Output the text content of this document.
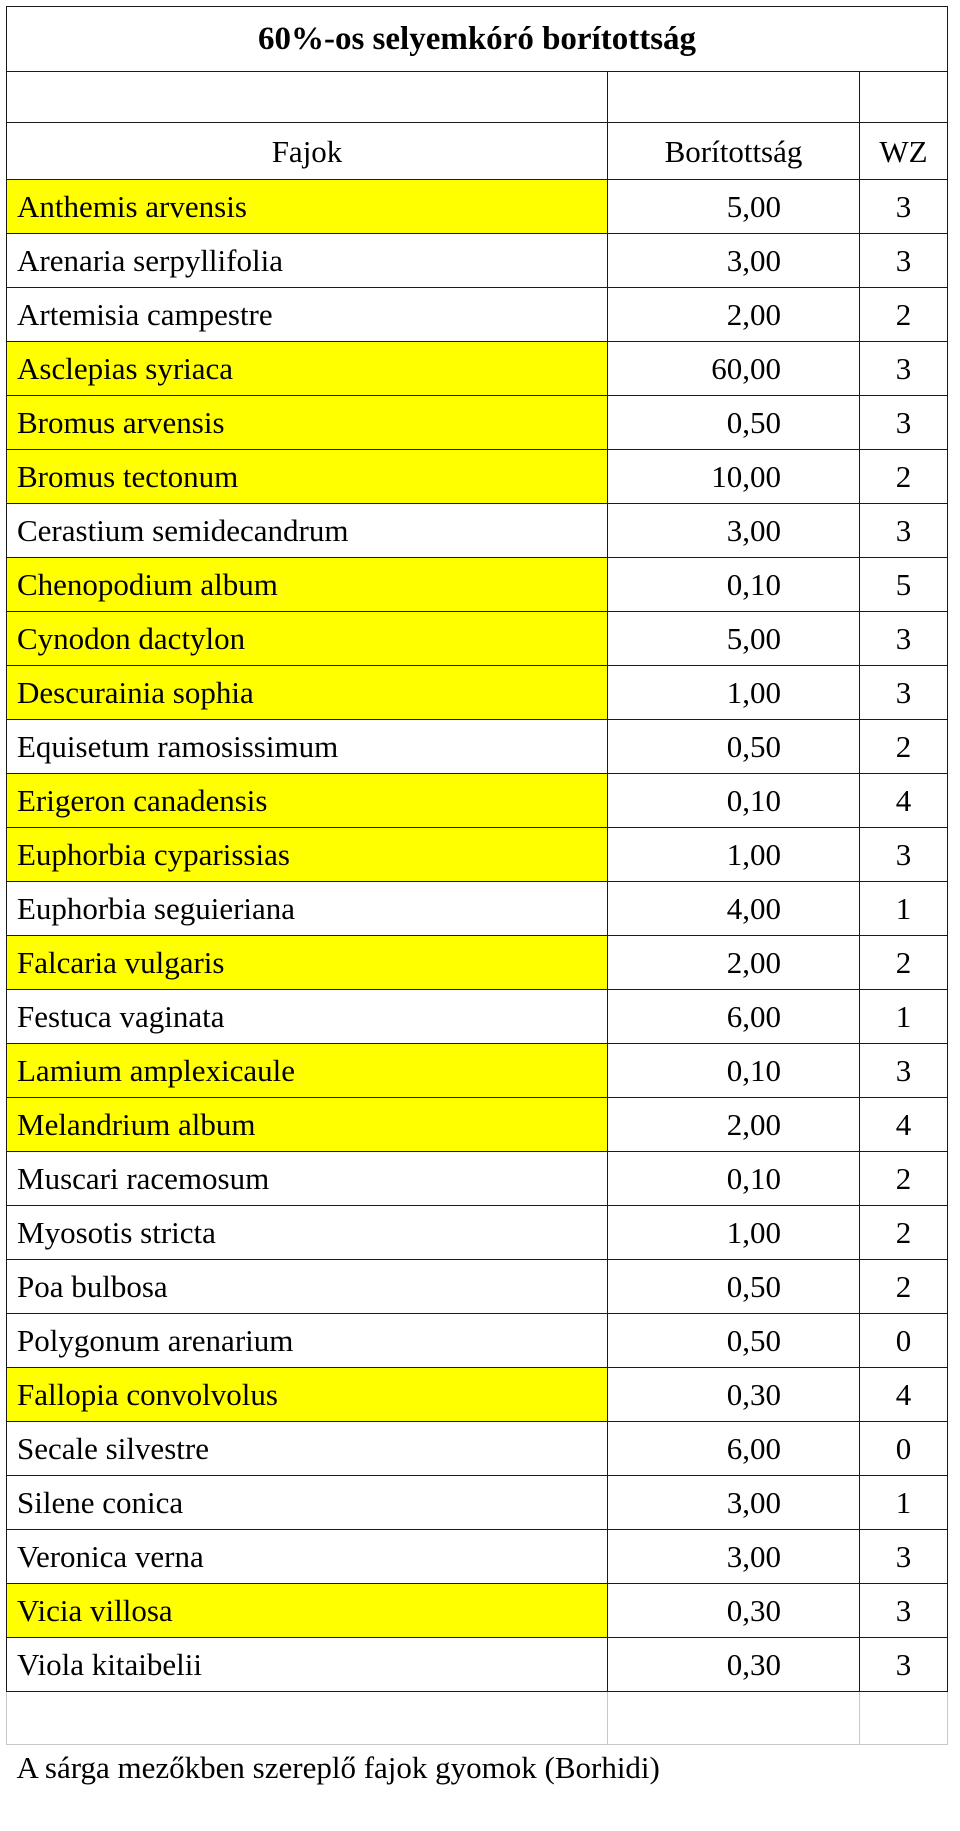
60%-os selyemkóró borítottság		

Fajok	Borítottság	WZ
Anthemis arvensis	5,00	3
Arenaria serpyllifolia	3,00	3
Artemisia campestre	2,00	2
Asclepias syriaca	60,00	3
Bromus arvensis	0,50	3
Bromus tectonum	10,00	2
Cerastium semidecandrum	3,00	3
Chenopodium album	0,10	5
Cynodon dactylon	5,00	3
Descurainia sophia	1,00	3
Equisetum ramosissimum	0,50	2
Erigeron canadensis	0,10	4
Euphorbia cyparissias	1,00	3
Euphorbia seguieriana	4,00	1
Falcaria vulgaris	2,00	2
Festuca vaginata	6,00	1
Lamium amplexicaule	0,10	3
Melandrium album	2,00	4
Muscari racemosum	0,10	2
Myosotis stricta	1,00	2
Poa bulbosa	0,50	2
Polygonum arenarium	0,50	0
Fallopia convolvolus	0,30	4
Secale silvestre	6,00	0
Silene conica	3,00	1
Veronica verna	3,00	3
Vicia villosa	0,30	3
Viola kitaibelii	0,30	3

A sárga mezőkben szereplő fajok gyomok (Borhidi)		
